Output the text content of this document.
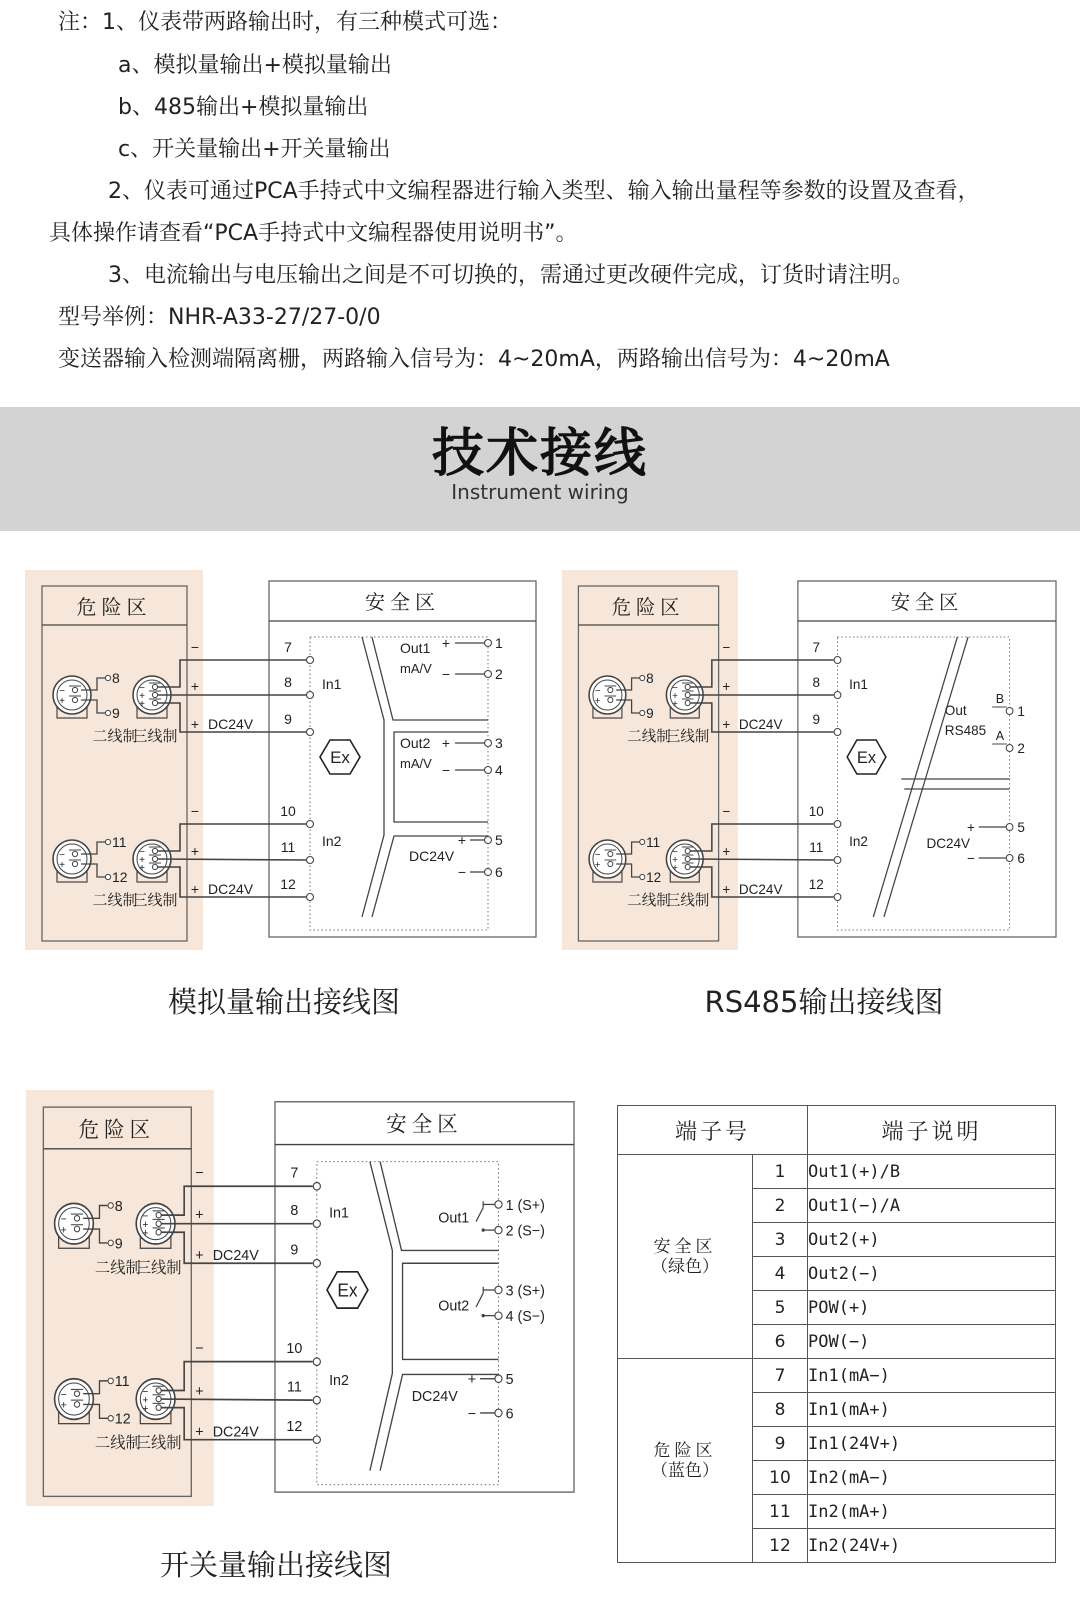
注：1、仪表带两路输出时，有三种模式可选：
a、模拟量输出+模拟量输出
b、485输出+模拟量输出
c、开关量输出+开关量输出
2、仪表可通过PCA手持式中文编程器进行输入类型、输入输出量程等参数的设置及查看，
具体操作请查看“PCA手持式中文编程器使用说明书”。
3、电流输出与电压输出之间是不可切换的，需通过更改硬件完成，订货时请注明。
型号举例：NHR-A33-27/27-0/0
变送器输入检测端隔离栅，两路输入信号为：4~20mA，两路输出信号为：4~20mA
技术接线
Instrument wiring
危险区	安全区
−
+
8
9
−
+
+
−
+
+ DC24V
7
8
9
二线制
三线制
−
+
11
12
−
+
+
−
+
+ DC24V
10
11
12
二线制
三线制
In1
In2
Ex
Out1
mA/V
+
−
1
2
Out2
mA/V
+
−
3
4
DC24V
+
−
5
6
危险区	安全区
−
+
8
9
−
+
+
−
+
+ DC24V
7
8
9
二线制
三线制
−
+
11
12
−
+
+
−
+
+ DC24V
10
11
12
二线制
三线制
In1
In2
Ex
Out
RS485
B
A
1
2
DC24V
+
−
5
6
危险区	安全区
−
+
8
9
−
+
+
−
+
+ DC24V
7
8
9
二线制
三线制
−
+
11
12
−
+
+
−
+
+ DC24V
10
11
12
二线制
三线制
In1
In2
Ex
Out1
1 (S+)
2 (S−)
Out2
3 (S+)
4 (S−)
DC24V
+
−
5
6
模拟量输出接线图	RS485输出接线图
开关量输出接线图
端子号		端子说明

安全区
（绿色）	1	Out1(+)/B
	2	Out1(−)/A
	3	Out2(+)
	4	Out2(−)
	5	POW(+)
	6	POW(−)

危险区
（蓝色）	7	In1(mA−)
	8	In1(mA+)
	9	In1(24V+)
	10	In2(mA−)
	11	In2(mA+)
	12	In2(24V+)
